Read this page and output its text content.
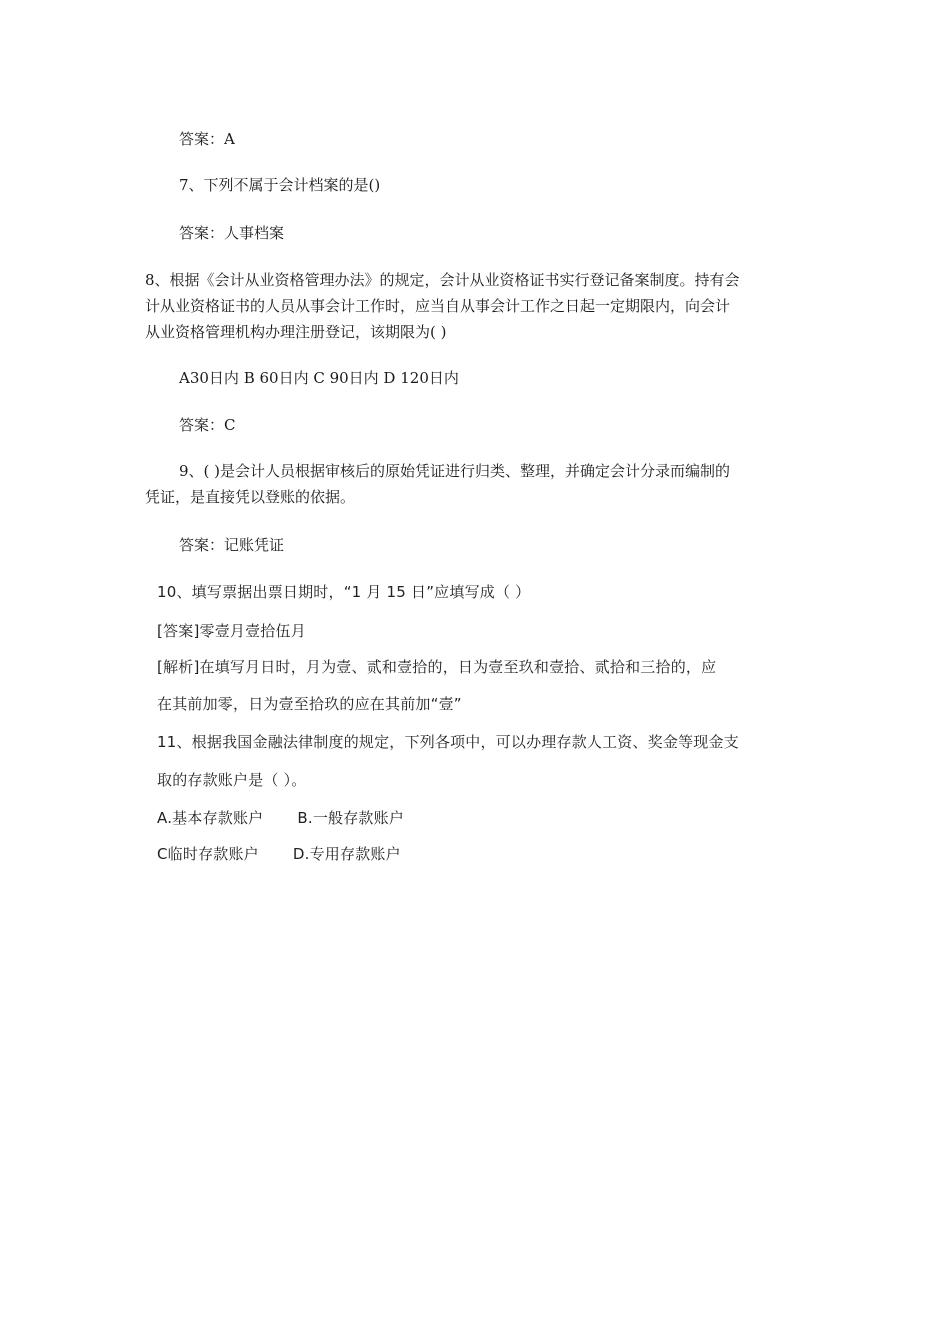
答案：A
7、下列不属于会计档案的是()
答案：人事档案
8、根据《会计从业资格管理办法》的规定，会计从业资格证书实行登记备案制度。持有会
计从业资格证书的人员从事会计工作时，应当自从事会计工作之日起一定期限内，向会计
从业资格管理机构办理注册登记，该期限为( )
A30日内 B 60日内 C 90日内 D 120日内
答案：C
9、( )是会计人员根据审核后的原始凭证进行归类、整理，并确定会计分录而编制的
凭证，是直接凭以登账的依据。
答案：记账凭证
10、填写票据出票日期时，“1 月 15 日”应填写成（ ）
[答案]零壹月壹拾伍月
[解析]在填写月日时，月为壹、贰和壹拾的，日为壹至玖和壹拾、贰拾和三拾的，应
在其前加零，日为壹至拾玖的应在其前加“壹”
11、根据我国金融法律制度的规定，下列各项中，可以办理存款人工资、奖金等现金支
取的存款账户是（ ）。
A.基本存款账户 B.一般存款账户
C临时存款账户 D.专用存款账户
